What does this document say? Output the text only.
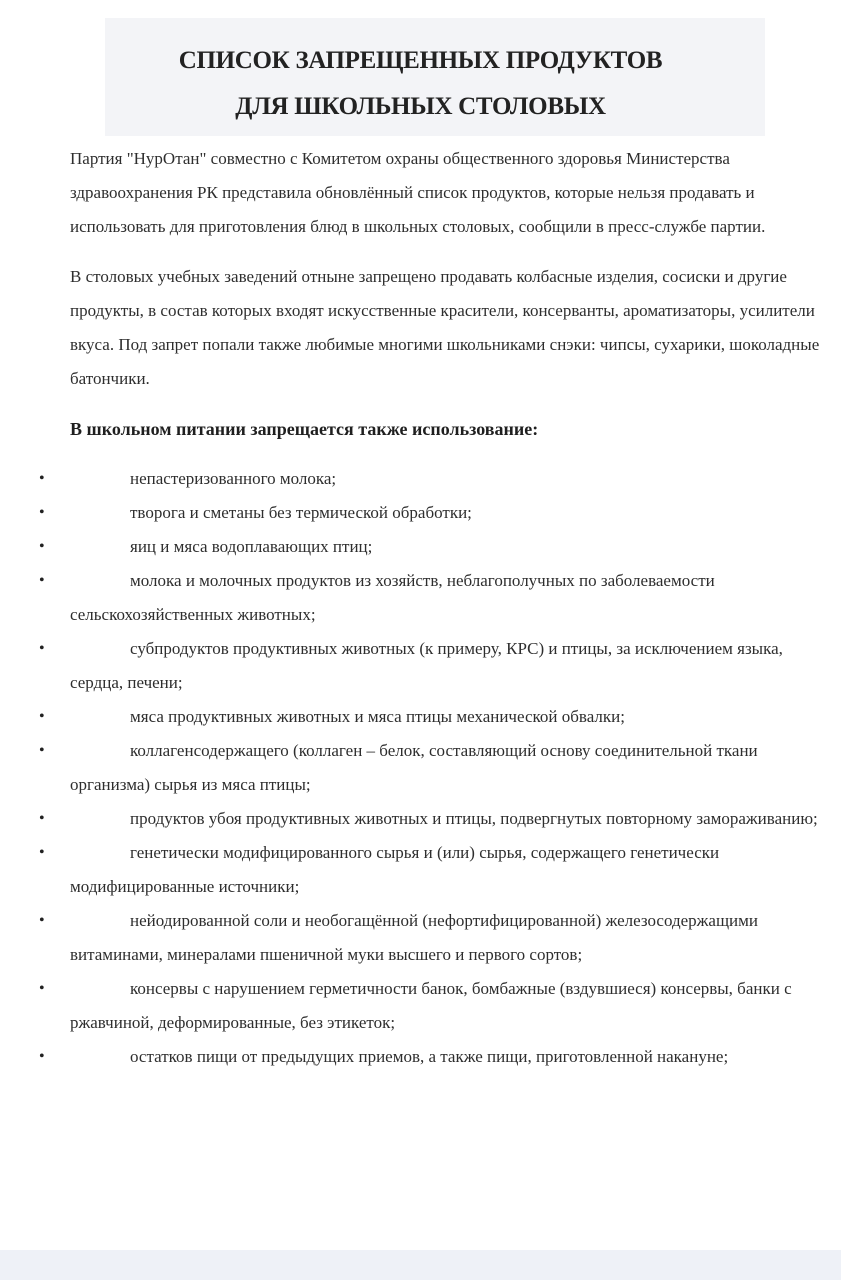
СПИСОК ЗАПРЕЩЕННЫХ ПРОДУКТОВ
ДЛЯ ШКОЛЬНЫХ СТОЛОВЫХ

Партия "НурОтан" совместно с Комитетом охраны общественного здоровья Министерства здравоохранения РК представила обновлённый список продуктов, которые нельзя продавать и использовать для приготовления блюд в школьных столовых, сообщили в пресс-службе партии.

В столовых учебных заведений отныне запрещено продавать колбасные изделия, сосиски и другие продукты, в состав которых входят искусственные красители, консерванты, ароматизаторы, усилители вкуса. Под запрет попали также любимые многими школьниками снэки: чипсы, сухарики, шоколадные батончики.

В школьном питании запрещается также использование:
•	непастеризованного молока;
•	творога и сметаны без термической обработки;
•	яиц и мяса водоплавающих птиц;
•	молока и молочных продуктов из хозяйств, неблагополучных по заболеваемости сельскохозяйственных животных;
•	субпродуктов продуктивных животных (к примеру, КРС) и птицы, за исключением языка, сердца, печени;
•	мяса продуктивных животных и мяса птицы механической обвалки;
•	коллагенсодержащего (коллаген – белок, составляющий основу соединительной ткани организма) сырья из мяса птицы;
•	продуктов убоя продуктивных животных и птицы, подвергнутых повторному замораживанию;
•	генетически модифицированного сырья и (или) сырья, содержащего генетически модифицированные источники;
•	нейодированной соли и необогащённой (нефортифицированной) железосодержащими витаминами, минералами пшеничной муки высшего и первого сортов;
•	консервы с нарушением герметичности банок, бомбажные (вздувшиеся) консервы, банки с ржавчиной, деформированные, без этикеток;
•	остатков пищи от предыдущих приемов, а также пищи, приготовленной накануне;
